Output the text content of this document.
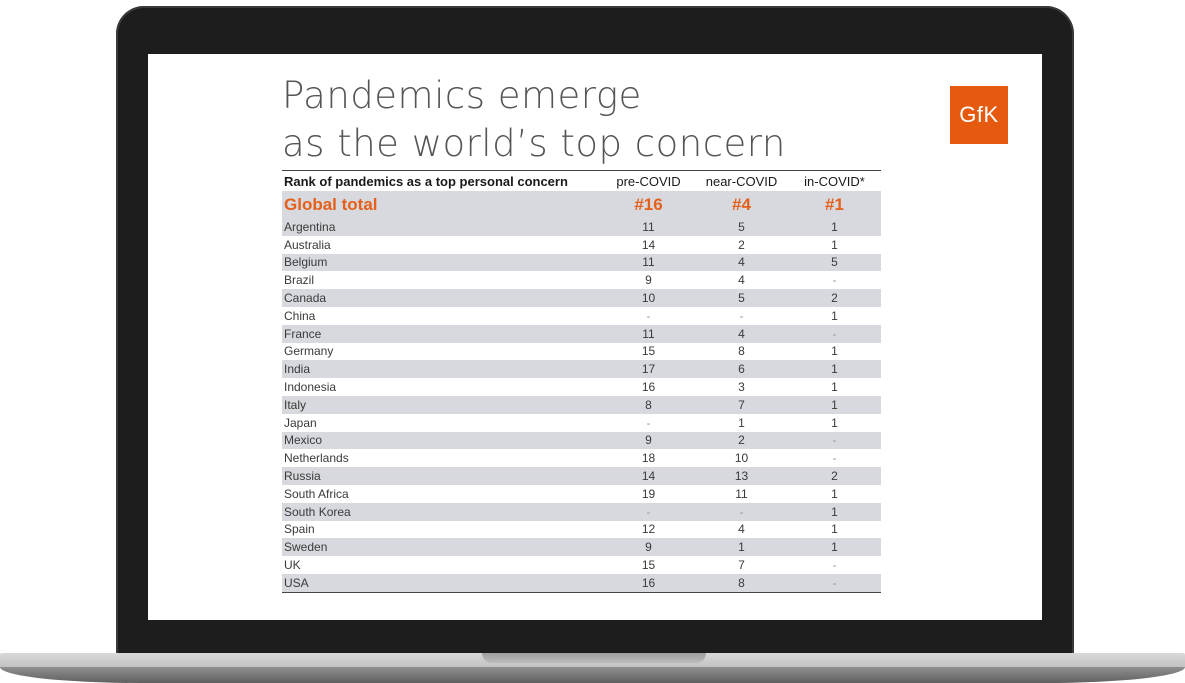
Pandemics emerge
as the world’s top concern
GfK
Rank of pandemics as a top personal concern	pre-COVID	near-COVID	in-COVID*
Global total	#16	#4	#1
Argentina	11	5	1
Australia	14	2	1
Belgium	11	4	5
Brazil	9	4	-
Canada	10	5	2
China	-	-	1
France	11	4	-
Germany	15	8	1
India	17	6	1
Indonesia	16	3	1
Italy	8	7	1
Japan	-	1	1
Mexico	9	2	-
Netherlands	18	10	-
Russia	14	13	2
South Africa	19	11	1
South Korea	-	-	1
Spain	12	4	1
Sweden	9	1	1
UK	15	7	-
USA	16	8	-
